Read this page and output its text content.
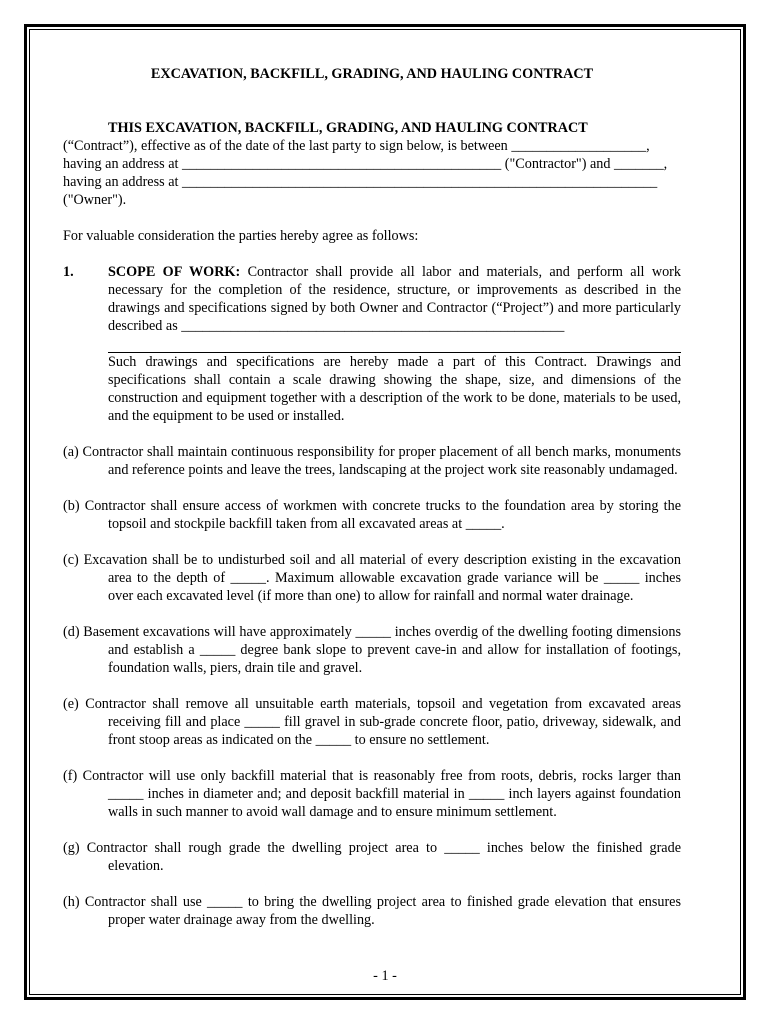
EXCAVATION, BACKFILL, GRADING, AND HAULING CONTRACT

THIS EXCAVATION, BACKFILL, GRADING, AND HAULING CONTRACT

(“Contract”), effective as of the date of the last party to sign below, is between ___________________,

having an address at _____________________________________________ ("Contractor") and _______,

having an address at ___________________________________________________________________

("Owner").

For valuable consideration the parties hereby agree as follows:

1. SCOPE OF WORK: Contractor shall provide all labor and materials, and perform all work necessary for the completion of the residence, structure, or improvements as described in the drawings and specifications signed by both Owner and Contractor (“Project”) and more particularly described as ______________________________________________________

Such drawings and specifications are hereby made a part of this Contract. Drawings and specifications shall contain a scale drawing showing the shape, size, and dimensions of the construction and equipment together with a description of the work to be done, materials to be used, and the equipment to be used or installed.

(a) Contractor shall maintain continuous responsibility for proper placement of all bench marks, monuments and reference points and leave the trees, landscaping at the project work site reasonably undamaged.

(b) Contractor shall ensure access of workmen with concrete trucks to the foundation area by storing the topsoil and stockpile backfill taken from all excavated areas at _____.

(c) Excavation shall be to undisturbed soil and all material of every description existing in the excavation area to the depth of _____. Maximum allowable excavation grade variance will be _____ inches over each excavated level (if more than one) to allow for rainfall and normal water drainage.

(d) Basement excavations will have approximately _____ inches overdig of the dwelling footing dimensions and establish a _____ degree bank slope to prevent cave-in and allow for installation of footings, foundation walls, piers, drain tile and gravel.

(e) Contractor shall remove all unsuitable earth materials, topsoil and vegetation from excavated areas receiving fill and place _____ fill gravel in sub-grade concrete floor, patio, driveway, sidewalk, and front stoop areas as indicated on the _____ to ensure no settlement.

(f) Contractor will use only backfill material that is reasonably free from roots, debris, rocks larger than _____ inches in diameter and; and deposit backfill material in _____ inch layers against foundation walls in such manner to avoid wall damage and to ensure minimum settlement.

(g) Contractor shall rough grade the dwelling project area to _____ inches below the finished grade elevation.

(h) Contractor shall use _____ to bring the dwelling project area to finished grade elevation that ensures proper water drainage away from the dwelling.

- 1 -
